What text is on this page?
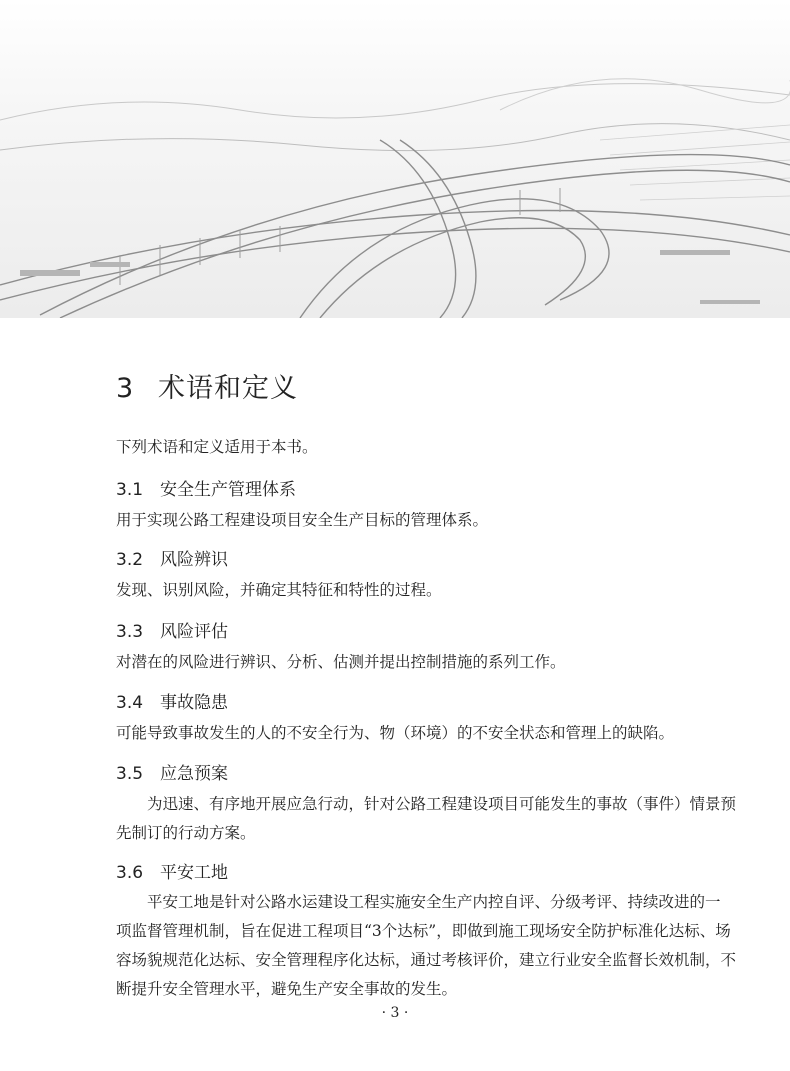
3 术语和定义
下列术语和定义适用于本书。
3.1 安全生产管理体系
用于实现公路工程建设项目安全生产目标的管理体系。
3.2 风险辨识
发现、识别风险，并确定其特征和特性的过程。
3.3 风险评估
对潜在的风险进行辨识、分析、估测并提出控制措施的系列工作。
3.4 事故隐患
可能导致事故发生的人的不安全行为、物（环境）的不安全状态和管理上的缺陷。
3.5 应急预案
为迅速、有序地开展应急行动，针对公路工程建设项目可能发生的事故（事件）情景预
先制订的行动方案。
3.6 平安工地
平安工地是针对公路水运建设工程实施安全生产内控自评、分级考评、持续改进的一
项监督管理机制，旨在促进工程项目“3个达标”，即做到施工现场安全防护标准化达标、场
容场貌规范化达标、安全管理程序化达标，通过考核评价，建立行业安全监督长效机制，不
断提升安全管理水平，避免生产安全事故的发生。
· 3 ·
